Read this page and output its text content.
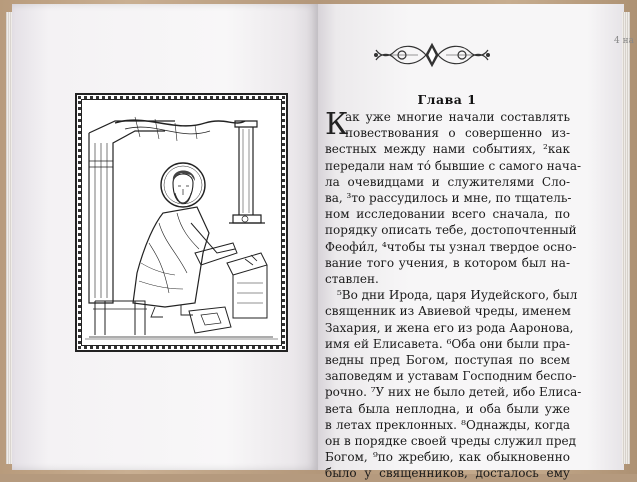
4 на
Глава 1
К
ак уже многие начали составлять
повествования о совершенно из-
вестных между нами событиях, ²как
передали нам то́ бывшие с самого нача-
ла очевидцами и служителями Сло-
ва, ³то рассудилось и мне, по тщатель-
ном исследовании всего сначала, по
порядку описать тебе, достопочтенный
Феофи́л, ⁴чтобы ты узнал твердое осно-
вание того учения, в котором был на-
ставлен.
⁵Во дни Ирода, царя Иудейского, был
священник из Авиевой чреды, именем
Захария, и жена его из рода Ааронова,
имя ей Елисавета. ⁶Оба они были пра-
ведны пред Богом, поступая по всем
заповедям и уставам Господним беспо-
рочно. ⁷У них не было детей, ибо Елиса-
вета была неплодна, и оба были уже
в летах преклонных. ⁸Однажды, когда
он в порядке своей чреды служил пред
Богом, ⁹по жребию, как обыкновенно
было у священников, досталось ему
